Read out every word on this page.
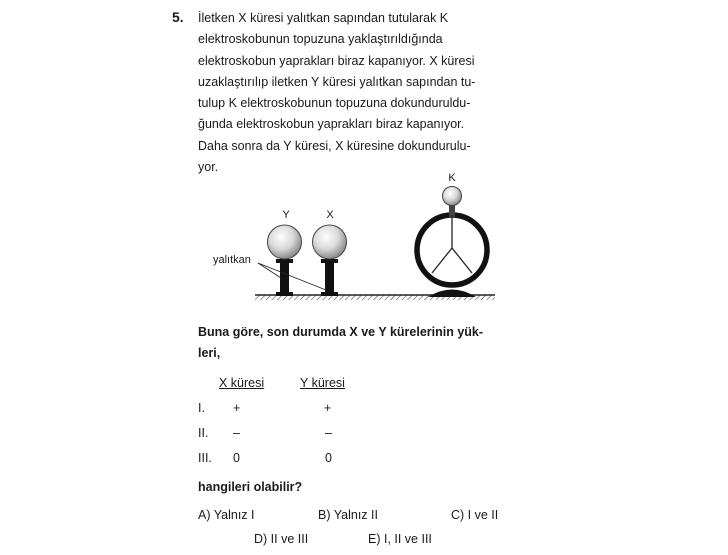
5. İletken X küresi yalıtkan sapından tutularak K
elektroskobunun topuzuna yaklaştırıldığında
elektroskobun yaprakları biraz kapanıyor. X küresi
uzaklaştırılıp iletken Y küresi yalıtkan sapından tu-
tulup K elektroskobunun topuzuna dokunduruldu-
ğunda elektroskobun yaprakları biraz kapanıyor.
Daha sonra da Y küresi, X küresine dokundurulu-
yor.
Y	X
K
yalıtkan
Buna göre, son durumda X ve Y kürelerinin yük-
leri,
X küresi	Y küresi
I. +	+
II. –	–
III. 0	0
hangileri olabilir?
A) Yalnız I	B) Yalnız II	C) I ve II
D) II ve III	E) I, II ve III
